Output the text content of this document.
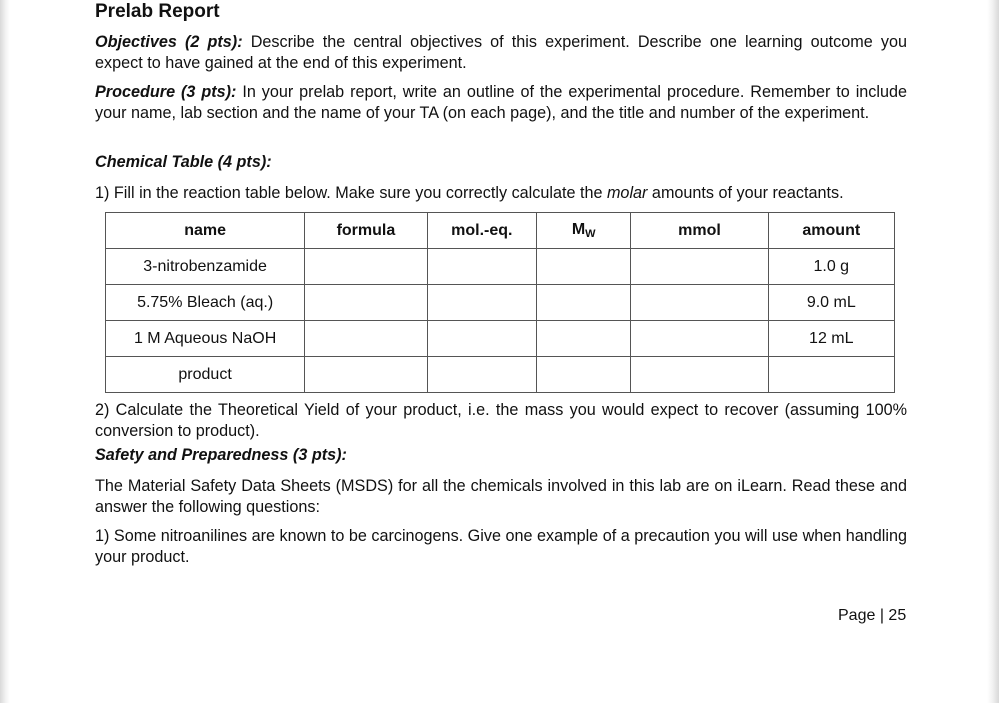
Prelab Report

Objectives (2 pts): Describe the central objectives of this experiment. Describe one learning outcome you expect to have gained at the end of this experiment.

Procedure (3 pts): In your prelab report, write an outline of the experimental procedure. Remember to include your name, lab section and the name of your TA (on each page), and the title and number of the experiment.

Chemical Table (4 pts):

1) Fill in the reaction table below. Make sure you correctly calculate the molar amounts of your reactants.

name	formula	mol.-eq.	$M_W$	mmol	amount
3-nitrobenzamide					1.0 g
5.75% Bleach (aq.)					9.0 mL
1 M Aqueous NaOH					12 mL
product					

2) Calculate the Theoretical Yield of your product, i.e. the mass you would expect to recover (assuming 100% conversion to product).

Safety and Preparedness (3 pts):

The Material Safety Data Sheets (MSDS) for all the chemicals involved in this lab are on iLearn. Read these and answer the following questions:

1) Some nitroanilines are known to be carcinogens. Give one example of a precaution you will use when handling your product.

Page | 25
